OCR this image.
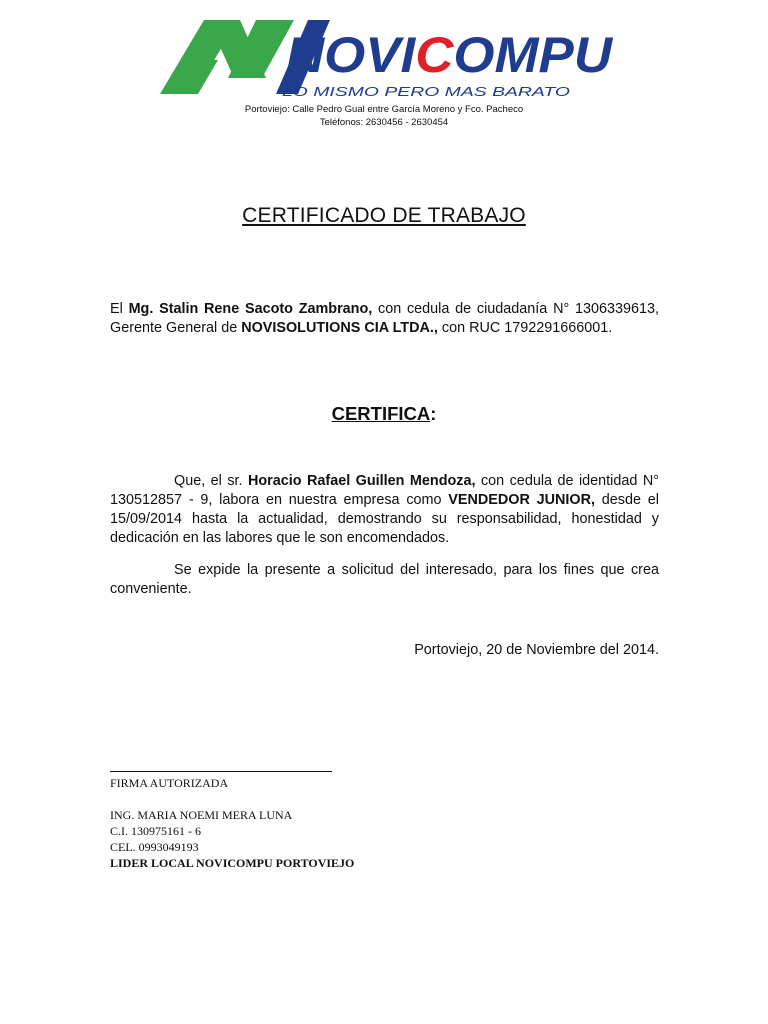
NOVI COMPU
LO MISMO PERO MAS BARATO
Portoviejo: Calle Pedro Gual entre García Moreno y Fco. Pacheco
Teléfonos: 2630456 - 2630454
CERTIFICADO DE TRABAJO
El Mg. Stalin Rene Sacoto Zambrano, con cedula de ciudadanía N° 1306339613, Gerente General de NOVISOLUTIONS CIA LTDA., con RUC 1792291666001.
CERTIFICA:
Que, el sr. Horacio Rafael Guillen Mendoza, con cedula de identidad N° 130512857 - 9, labora en nuestra empresa como VENDEDOR JUNIOR, desde el 15/09/2014 hasta la actualidad, demostrando su responsabilidad, honestidad y dedicación en las labores que le son encomendados.
Se expide la presente a solicitud del interesado, para los fines que crea conveniente.
Portoviejo, 20 de Noviembre del 2014.
FIRMA AUTORIZADA
ING. MARIA NOEMI MERA LUNA
C.I. 130975161 - 6
CEL. 0993049193
LIDER LOCAL NOVICOMPU PORTOVIEJO
